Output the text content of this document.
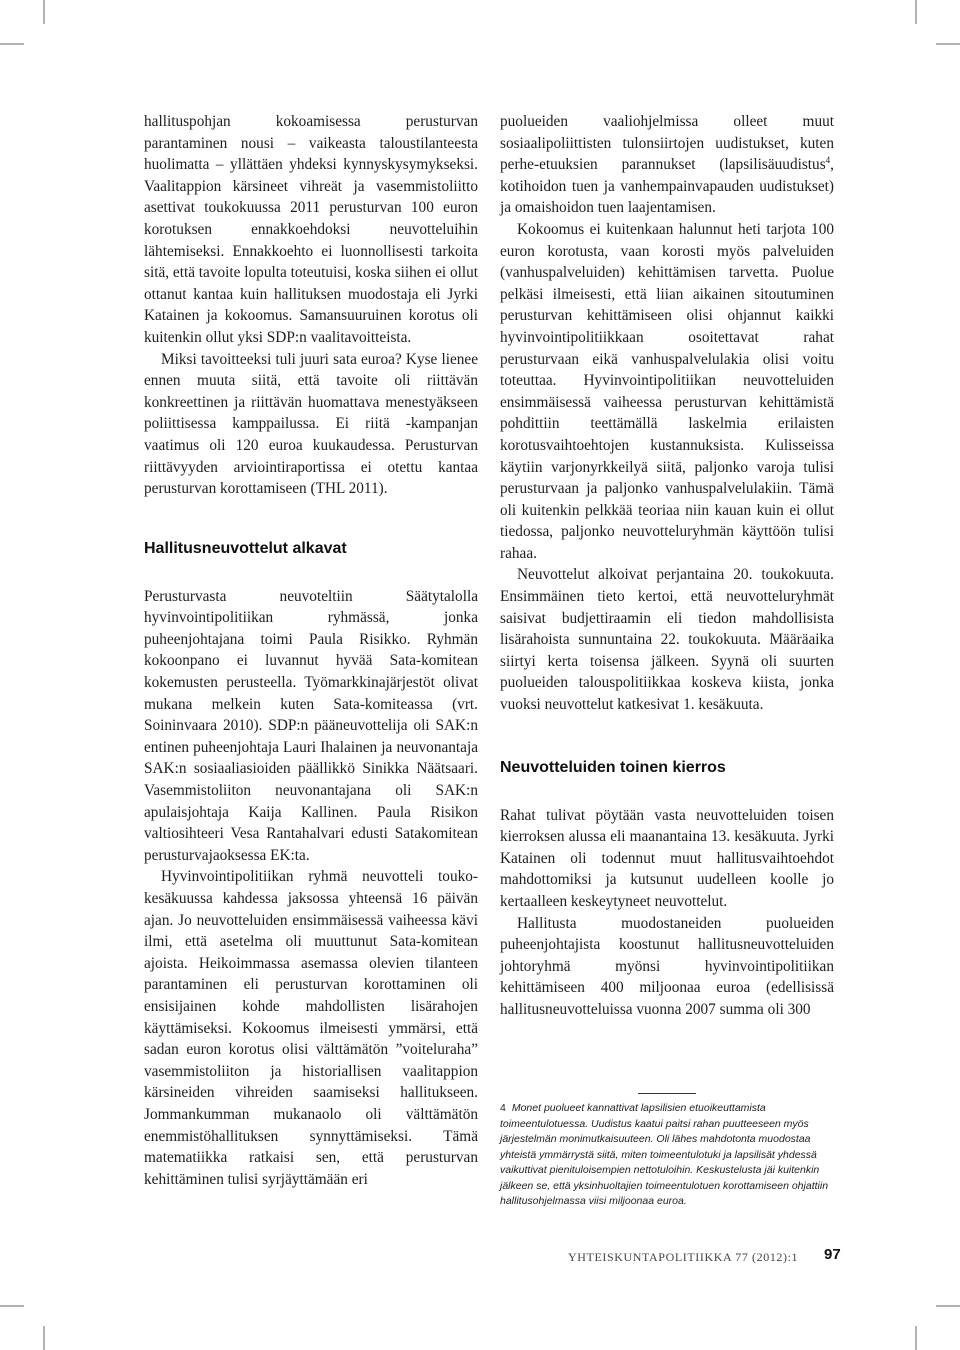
hallituspohjan kokoamisessa perusturvan parantaminen nousi – vaikeasta taloustilanteesta huolimatta – yllättäen yhdeksi kynnyskysymykseksi. Vaalitappion kärsineet vihreät ja vasemmistoliitto asettivat toukokuussa 2011 perusturvan 100 euron korotuksen ennakkoehdoksi neuvotteluihin lähtemiseksi. Ennakkoehto ei luonnollisesti tarkoita sitä, että tavoite lopulta toteutuisi, koska siihen ei ollut ottanut kantaa kuin hallituksen muodostaja eli Jyrki Katainen ja kokoomus. Samansuuruinen korotus oli kuitenkin ollut yksi SDP:n vaalitavoitteista.

Miksi tavoitteeksi tuli juuri sata euroa? Kyse lienee ennen muuta siitä, että tavoite oli riittävän konkreettinen ja riittävän huomattava menestyäkseen poliittisessa kamppailussa. Ei riitä -kampanjan vaatimus oli 120 euroa kuukaudessa. Perusturvan riittävyyden arviointiraportissa ei otettu kantaa perusturvan korottamiseen (THL 2011).

Hallitusneuvottelut alkavat

Perusturvasta neuvoteltiin Säätytalolla hyvinvointipolitiikan ryhmässä, jonka puheenjohtajana toimi Paula Risikko. Ryhmän kokoonpano ei luvannut hyvää Sata-komitean kokemusten perusteella. Työmarkkinajärjestöt olivat mukana melkein kuten Sata-komiteassa (vrt. Soininvaara 2010). SDP:n pääneuvottelija oli SAK:n entinen puheenjohtaja Lauri Ihalainen ja neuvonantaja SAK:n sosiaaliasioiden päällikkö Sinikka Näätsaari. Vasemmistoliiton neuvonantajana oli SAK:n apulaisjohtaja Kaija Kallinen. Paula Risikon valtiosihteeri Vesa Rantahalvari edusti Satakomitean perusturvajaoksessa EK:ta.

Hyvinvointipolitiikan ryhmä neuvotteli touko-kesäkuussa kahdessa jaksossa yhteensä 16 päivän ajan. Jo neuvotteluiden ensimmäisessä vaiheessa kävi ilmi, että asetelma oli muuttunut Sata-komitean ajoista. Heikoimmassa asemassa olevien tilanteen parantaminen eli perusturvan korottaminen oli ensisijainen kohde mahdollisten lisärahojen käyttämiseksi. Kokoomus ilmeisesti ymmärsi, että sadan euron korotus olisi välttämätön ”voiteluraha” vasemmistoliiton ja historiallisen vaalitappion kärsineiden vihreiden saamiseksi hallitukseen. Jommankumman mukanaolo oli välttämätön enemmistöhallituksen synnyttämiseksi. Tämä matematiikka ratkaisi sen, että perusturvan kehittäminen tulisi syrjäyttämään eri

puolueiden vaaliohjelmissa olleet muut sosiaalipoliittisten tulonsiirtojen uudistukset, kuten perhe-etuuksien parannukset (lapsilisäuudistus$^4$, kotihoidon tuen ja vanhempainvapauden uudistukset) ja omaishoidon tuen laajentamisen.

Kokoomus ei kuitenkaan halunnut heti tarjota 100 euron korotusta, vaan korosti myös palveluiden (vanhuspalveluiden) kehittämisen tarvetta. Puolue pelkäsi ilmeisesti, että liian aikainen sitoutuminen perusturvan kehittämiseen olisi ohjannut kaikki hyvinvointipolitiikkaan osoitettavat rahat perusturvaan eikä vanhuspalvelulakia olisi voitu toteuttaa. Hyvinvointipolitiikan neuvotteluiden ensimmäisessä vaiheessa perusturvan kehittämistä pohdittiin teettämällä laskelmia erilaisten korotusvaihtoehtojen kustannuksista. Kulisseissa käytiin varjonyrkkeilyä siitä, paljonko varoja tulisi perusturvaan ja paljonko vanhuspalvelulakiin. Tämä oli kuitenkin pelkkää teoriaa niin kauan kuin ei ollut tiedossa, paljonko neuvotteluryhmän käyttöön tulisi rahaa.

Neuvottelut alkoivat perjantaina 20. toukokuuta. Ensimmäinen tieto kertoi, että neuvotteluryhmät saisivat budjettiraamin eli tiedon mahdollisista lisärahoista sunnuntaina 22. toukokuuta. Määräaika siirtyi kerta toisensa jälkeen. Syynä oli suurten puolueiden talouspolitiikkaa koskeva kiista, jonka vuoksi neuvottelut katkesivat 1. kesäkuuta.

Neuvotteluiden toinen kierros

Rahat tulivat pöytään vasta neuvotteluiden toisen kierroksen alussa eli maanantaina 13. kesäkuuta. Jyrki Katainen oli todennut muut hallitusvaihtoehdot mahdottomiksi ja kutsunut uudelleen koolle jo kertaalleen keskeytyneet neuvottelut.

Hallitusta muodostaneiden puolueiden puheenjohtajista koostunut hallitusneuvotteluiden johtoryhmä myönsi hyvinvointipolitiikan kehittämiseen 400 miljoonaa euroa (edellisissä hallitusneuvotteluissa vuonna 2007 summa oli 300

4 Monet puolueet kannattivat lapsilisien etuoikeuttamista toimeentulotuessa. Uudistus kaatui paitsi rahan puutteeseen myös järjestelmän monimutkaisuuteen. Oli lähes mahdotonta muodostaa yhteistä ymmärrystä siitä, miten toimeentulotuki ja lapsilisät yhdessä vaikuttivat pienituloisempien nettotuloihin. Keskustelusta jäi kuitenkin jälkeen se, että yksinhuoltajien toimeentulotuen korottamiseen ohjattiin hallitusohjelmassa viisi miljoonaa euroa.

YHTEISKUNTAPOLITIIKKA 77 (2012):1 97
